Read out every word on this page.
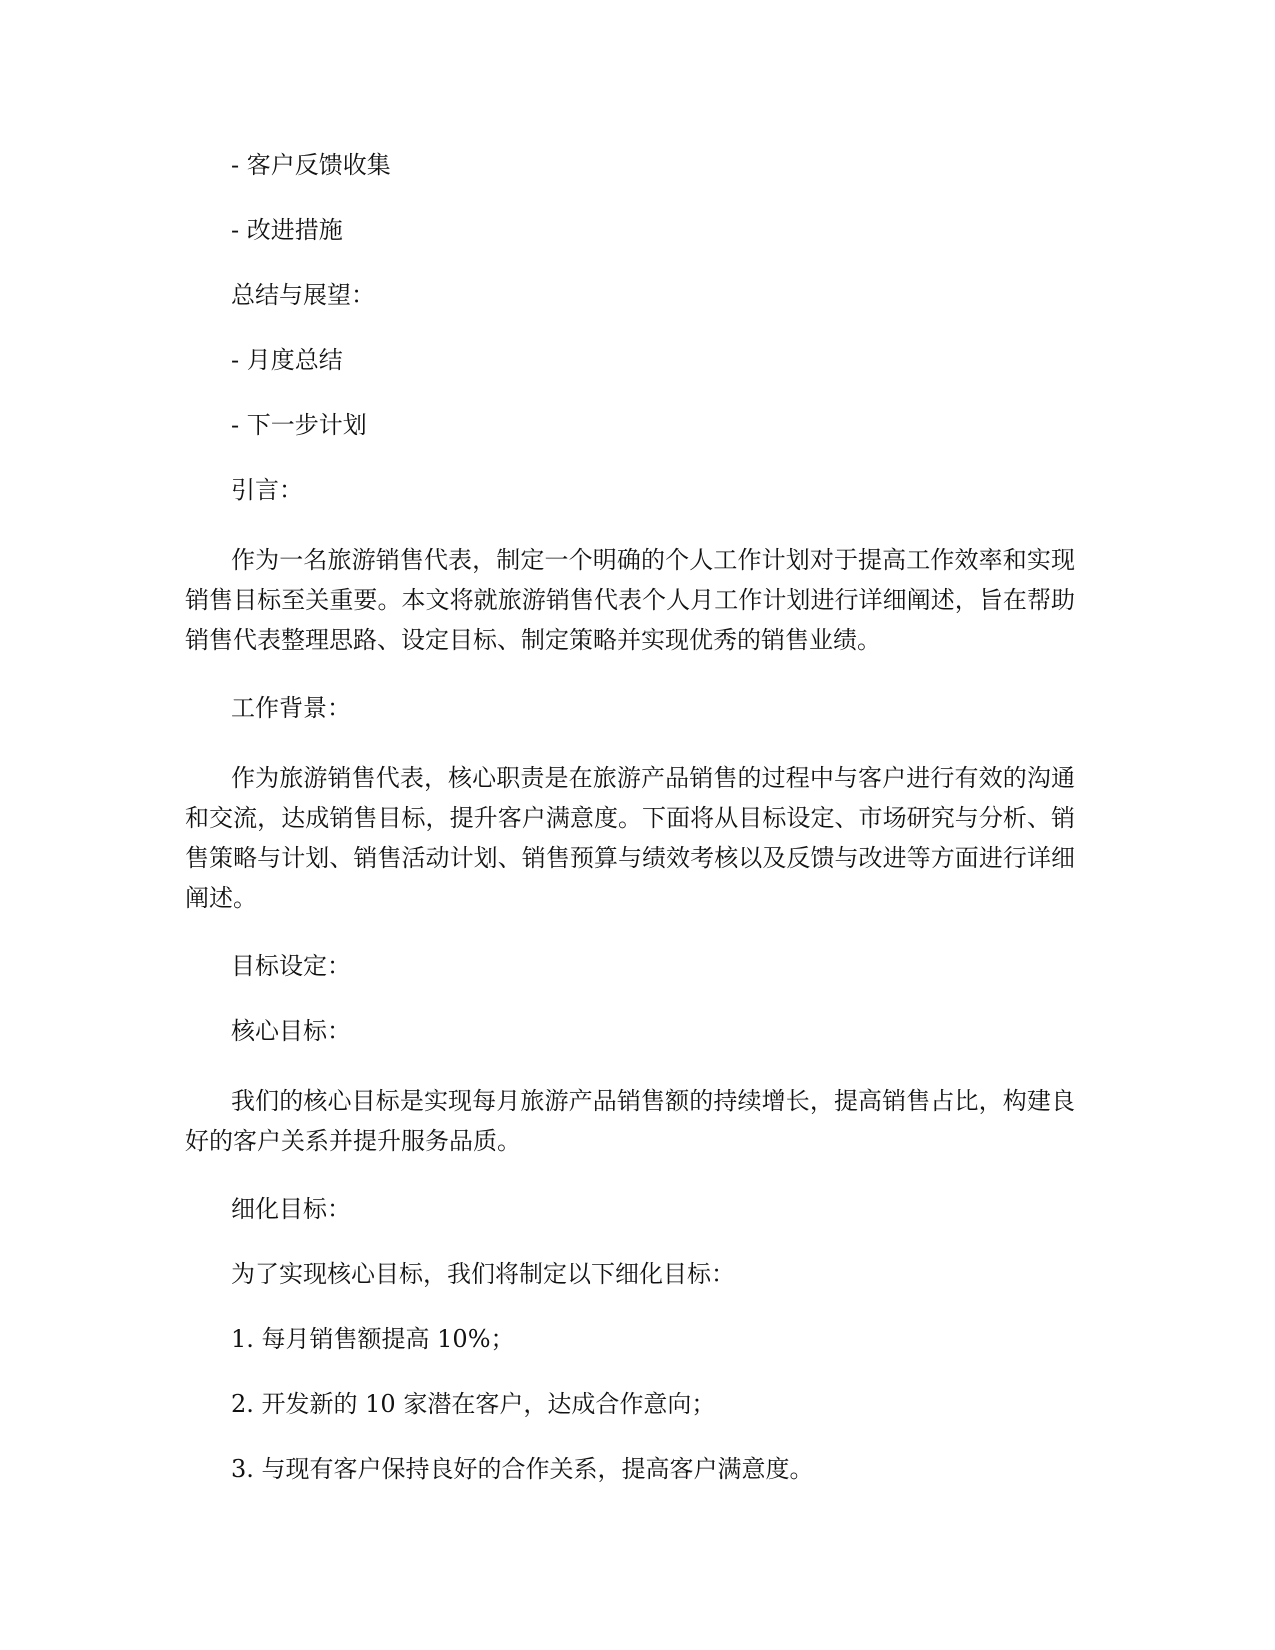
- 客户反馈收集
- 改进措施
总结与展望：
- 月度总结
- 下一步计划
引言：

作为一名旅游销售代表，制定一个明确的个人工作计划对于提高工作效率和实现销售目标至关重要。本文将就旅游销售代表个人月工作计划进行详细阐述，旨在帮助销售代表整理思路、设定目标、制定策略并实现优秀的销售业绩。

工作背景：

作为旅游销售代表，核心职责是在旅游产品销售的过程中与客户进行有效的沟通和交流，达成销售目标，提升客户满意度。下面将从目标设定、市场研究与分析、销售策略与计划、销售活动计划、销售预算与绩效考核以及反馈与改进等方面进行详细阐述。

目标设定：
核心目标：

我们的核心目标是实现每月旅游产品销售额的持续增长，提高销售占比，构建良好的客户关系并提升服务品质。

细化目标：
为了实现核心目标，我们将制定以下细化目标：
1. 每月销售额提高 10%；
2. 开发新的 10 家潜在客户，达成合作意向；
3. 与现有客户保持良好的合作关系，提高客户满意度。
